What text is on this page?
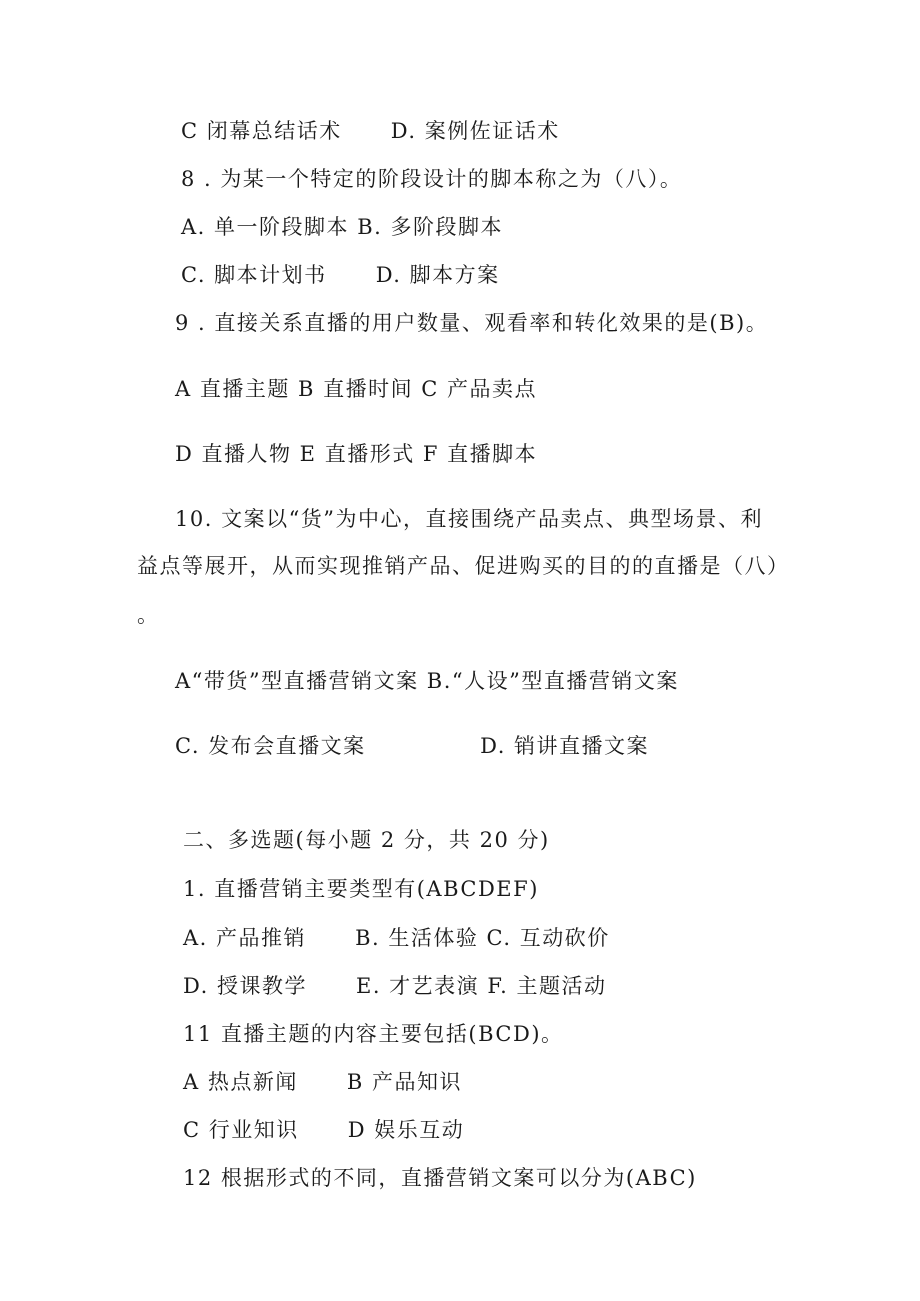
C 闭幕总结话术      D. 案例佐证话术
8 . 为某一个特定的阶段设计的脚本称之为（八）。
A. 单一阶段脚本 B. 多阶段脚本
C. 脚本计划书      D. 脚本方案
9 . 直接关系直播的用户数量、观看率和转化效果的是(B)。
A 直播主题 B 直播时间 C 产品卖点
D 直播人物 E 直播形式 F 直播脚本
10. 文案以“货”为中心，直接围绕产品卖点、典型场景、利
益点等展开，从而实现推销产品、促进购买的目的的直播是（八）
。
A“带货”型直播营销文案 B.“人设”型直播营销文案
C. 发布会直播文案              D. 销讲直播文案
二、多选题(每小题 2 分，共 20 分)
1. 直播营销主要类型有(ABCDEF)
A. 产品推销      B. 生活体验 C. 互动砍价
D. 授课教学      E. 才艺表演 F. 主题活动
11 直播主题的内容主要包括(BCD)。
A 热点新闻      B 产品知识
C 行业知识      D 娱乐互动
12 根据形式的不同，直播营销文案可以分为(ABC)
